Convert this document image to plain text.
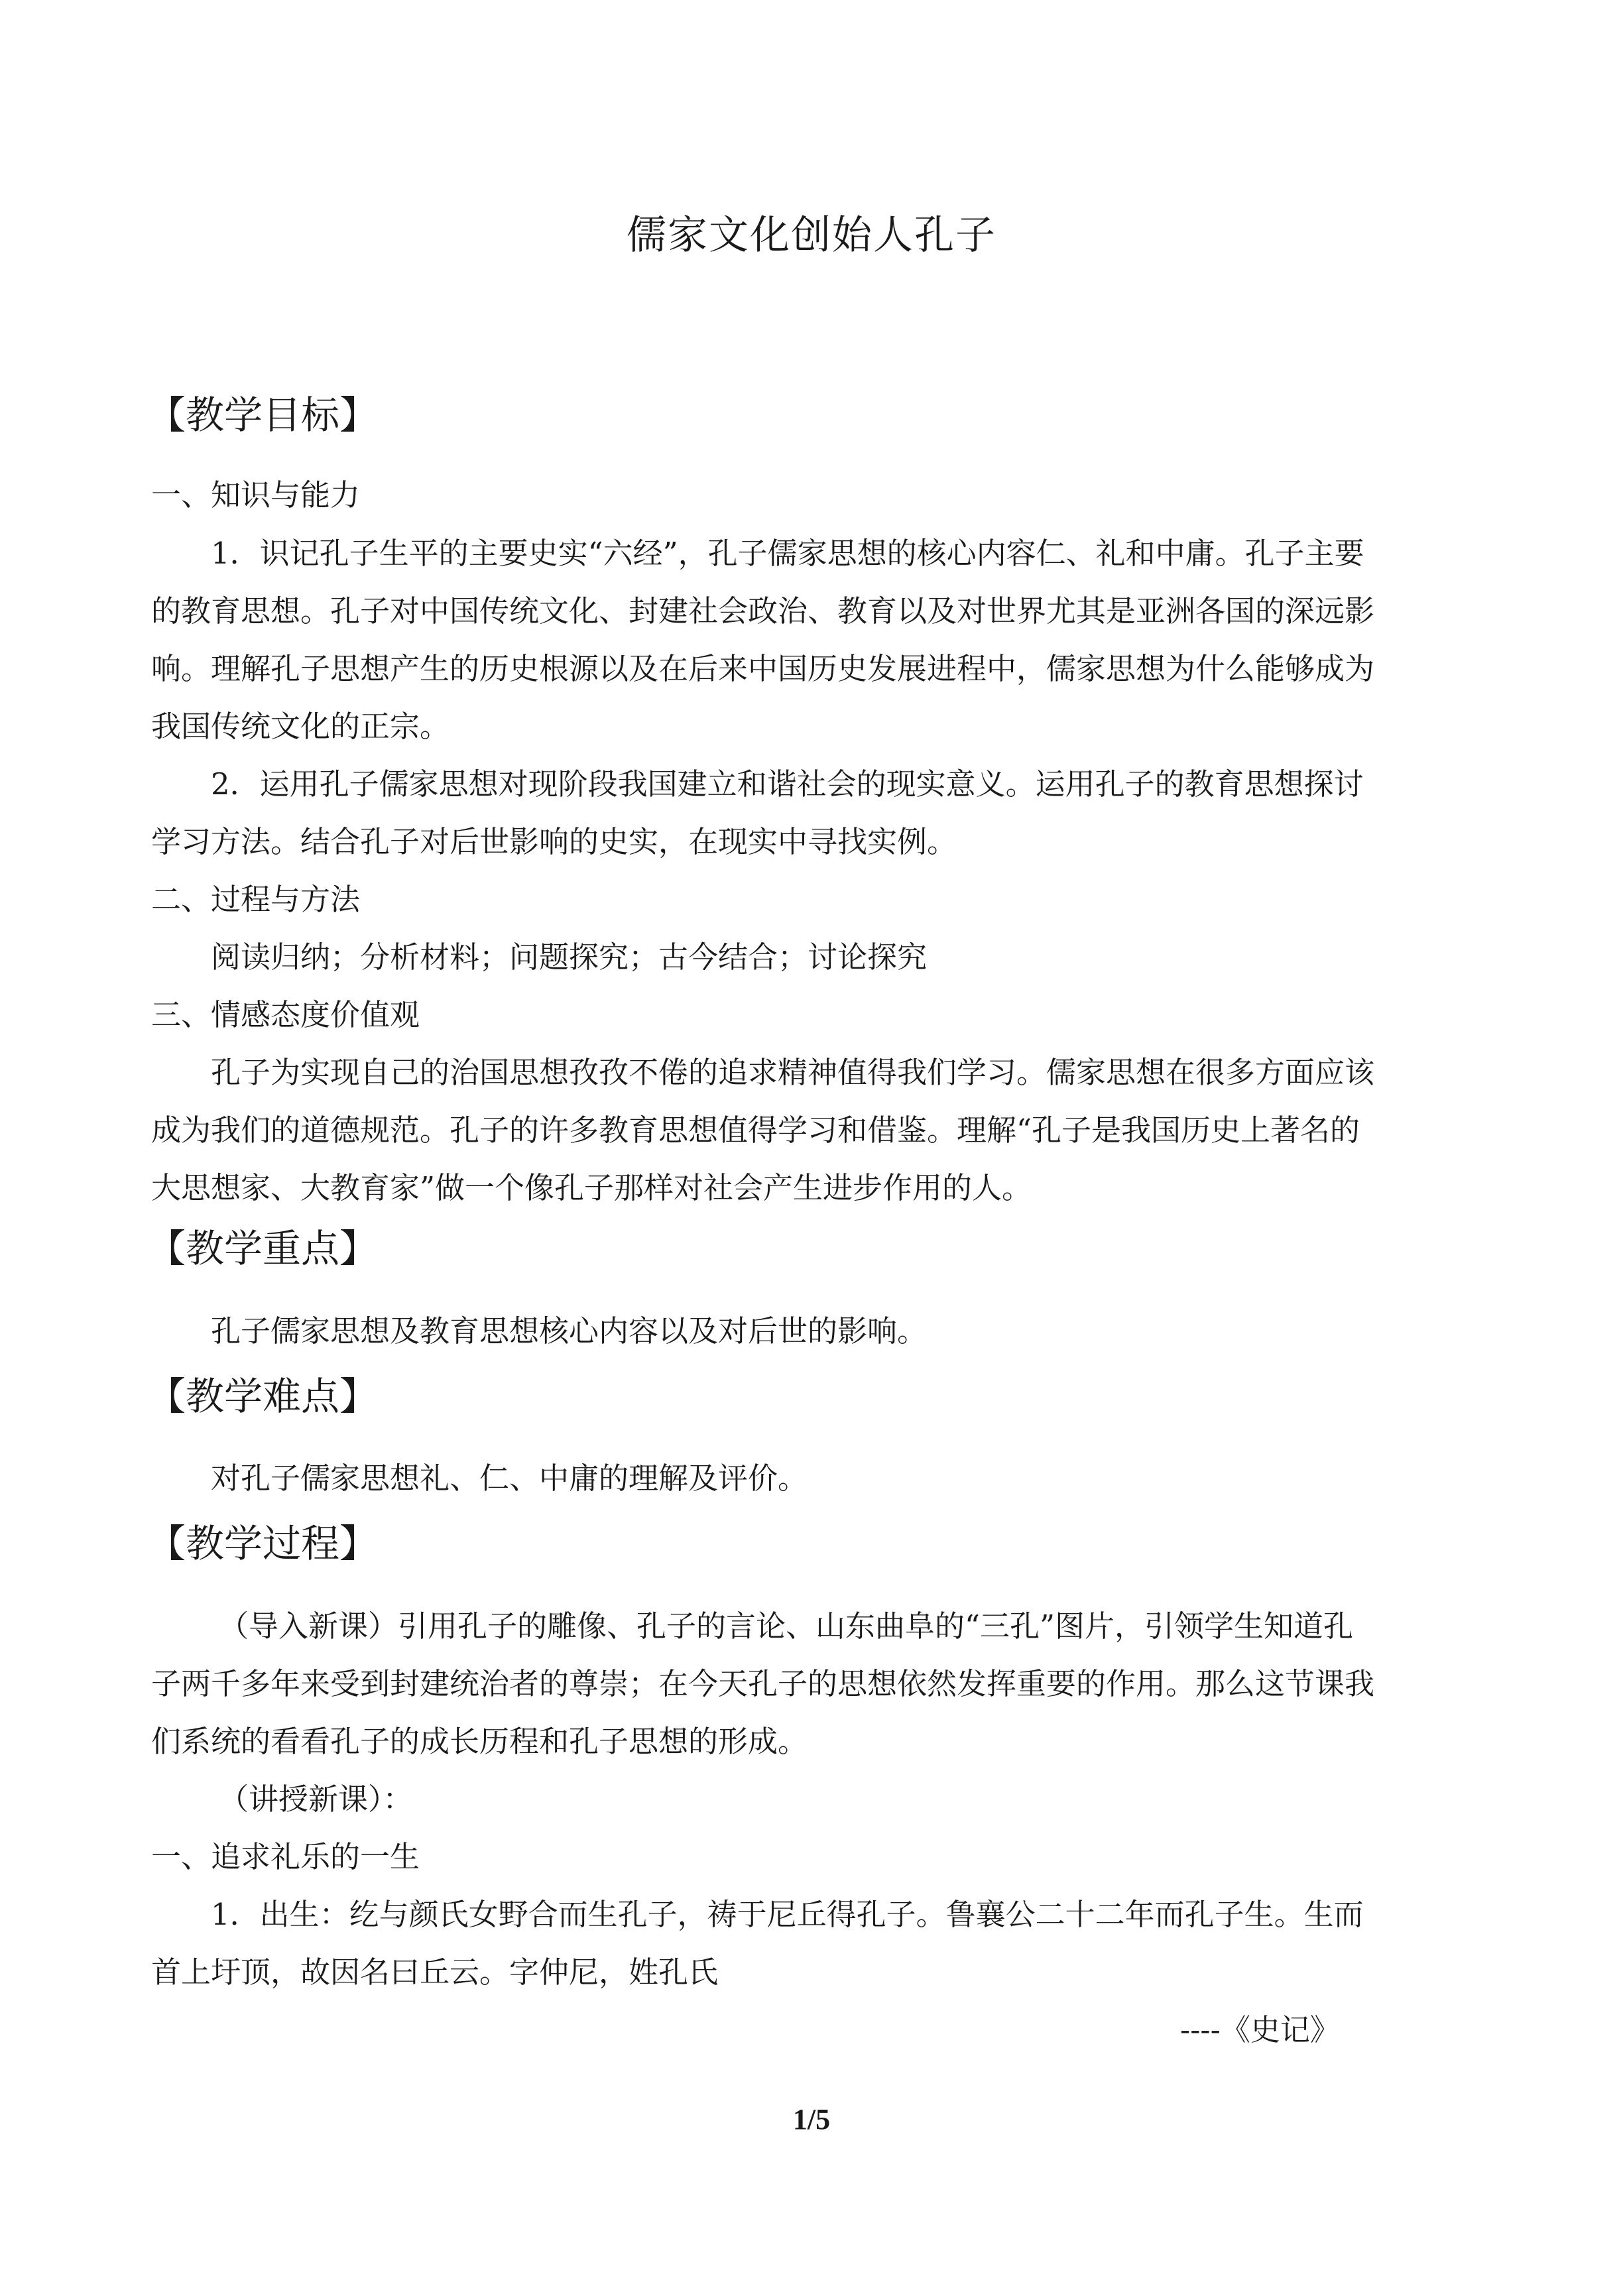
儒家文化创始人孔子
【教学目标】
一、知识与能力
1．识记孔子生平的主要史实“六经”，孔子儒家思想的核心内容仁、礼和中庸。孔子主要
的教育思想。孔子对中国传统文化、封建社会政治、教育以及对世界尤其是亚洲各国的深远影
响。理解孔子思想产生的历史根源以及在后来中国历史发展进程中，儒家思想为什么能够成为
我国传统文化的正宗。
2．运用孔子儒家思想对现阶段我国建立和谐社会的现实意义。运用孔子的教育思想探讨
学习方法。结合孔子对后世影响的史实，在现实中寻找实例。
二、过程与方法
阅读归纳；分析材料；问题探究；古今结合；讨论探究
三、情感态度价值观
孔子为实现自己的治国思想孜孜不倦的追求精神值得我们学习。儒家思想在很多方面应该
成为我们的道德规范。孔子的许多教育思想值得学习和借鉴。理解“孔子是我国历史上著名的
大思想家、大教育家”做一个像孔子那样对社会产生进步作用的人。
【教学重点】
孔子儒家思想及教育思想核心内容以及对后世的影响。
【教学难点】
对孔子儒家思想礼、仁、中庸的理解及评价。
【教学过程】
（导入新课）引用孔子的雕像、孔子的言论、山东曲阜的“三孔”图片，引领学生知道孔
子两千多年来受到封建统治者的尊崇；在今天孔子的思想依然发挥重要的作用。那么这节课我
们系统的看看孔子的成长历程和孔子思想的形成。
（讲授新课）：
一、追求礼乐的一生
1．出生：纥与颜氏女野合而生孔子，祷于尼丘得孔子。鲁襄公二十二年而孔子生。生而
首上圩顶，故因名曰丘云。字仲尼，姓孔氏
----《史记》
1/5
